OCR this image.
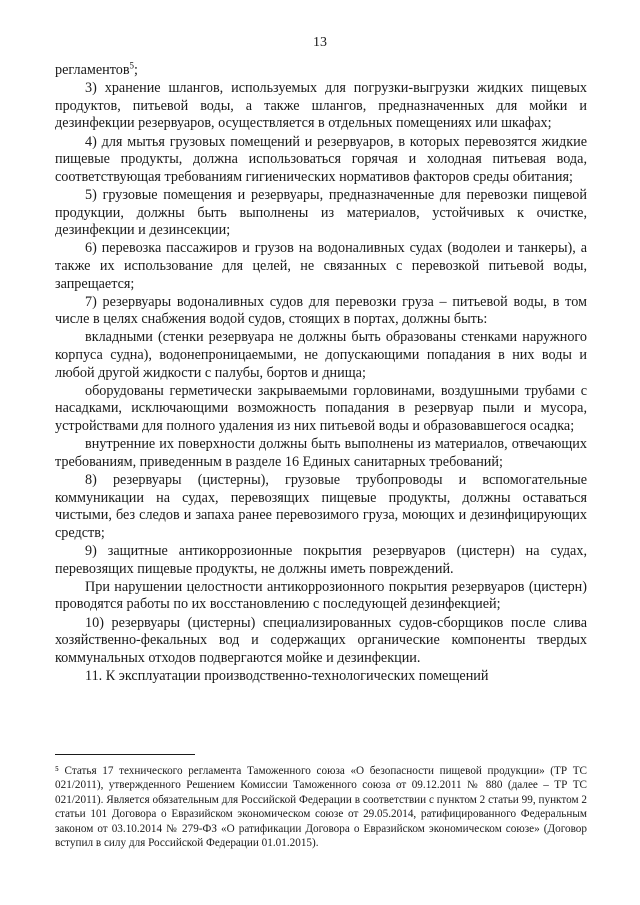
13

регламентов$^5$;

3) хранение шлангов, используемых для погрузки-выгрузки жидких пищевых продуктов, питьевой воды, а также шлангов, предназначенных для мойки и дезинфекции резервуаров, осуществляется в отдельных помещениях или шкафах;

4) для мытья грузовых помещений и резервуаров, в которых перевозятся жидкие пищевые продукты, должна использоваться горячая и холодная питьевая вода, соответствующая требованиям гигиенических нормативов факторов среды обитания;

5) грузовые помещения и резервуары, предназначенные для перевозки пищевой продукции, должны быть выполнены из материалов, устойчивых к очистке, дезинфекции и дезинсекции;

6) перевозка пассажиров и грузов на водоналивных судах (водолеи и танкеры), а также их использование для целей, не связанных с перевозкой питьевой воды, запрещается;

7) резервуары водоналивных судов для перевозки груза – питьевой воды, в том числе в целях снабжения водой судов, стоящих в портах, должны быть:

вкладными (стенки резервуара не должны быть образованы стенками наружного корпуса судна), водонепроницаемыми, не допускающими попадания в них воды и любой другой жидкости с палубы, бортов и днища;

оборудованы герметически закрываемыми горловинами, воздушными трубами с насадками, исключающими возможность попадания в резервуар пыли и мусора, устройствами для полного удаления из них питьевой воды и образовавшегося осадка;

внутренние их поверхности должны быть выполнены из материалов, отвечающих требованиям, приведенным в разделе 16 Единых санитарных требований;

8) резервуары (цистерны), грузовые трубопроводы и вспомогательные коммуникации на судах, перевозящих пищевые продукты, должны оставаться чистыми, без следов и запаха ранее перевозимого груза, моющих и дезинфицирующих средств;

9) защитные антикоррозионные покрытия резервуаров (цистерн) на судах, перевозящих пищевые продукты, не должны иметь повреждений.

При нарушении целостности антикоррозионного покрытия резервуаров (цистерн) проводятся работы по их восстановлению с последующей дезинфекцией;

10) резервуары (цистерны) специализированных судов-сборщиков после слива хозяйственно-фекальных вод и содержащих органические компоненты твердых коммунальных отходов подвергаются мойке и дезинфекции.

11. К эксплуатации производственно-технологических помещений

⁵ Статья 17 технического регламента Таможенного союза «О безопасности пищевой продукции» (ТР ТС 021/2011), утвержденного Решением Комиссии Таможенного союза от 09.12.2011 № 880 (далее – ТР ТС 021/2011). Является обязательным для Российской Федерации в соответствии с пунктом 2 статьи 99, пунктом 2 статьи 101 Договора о Евразийском экономическом союзе от 29.05.2014, ратифицированного Федеральным законом от 03.10.2014 № 279-ФЗ «О ратификации Договора о Евразийском экономическом союзе» (Договор вступил в силу для Российской Федерации 01.01.2015).
